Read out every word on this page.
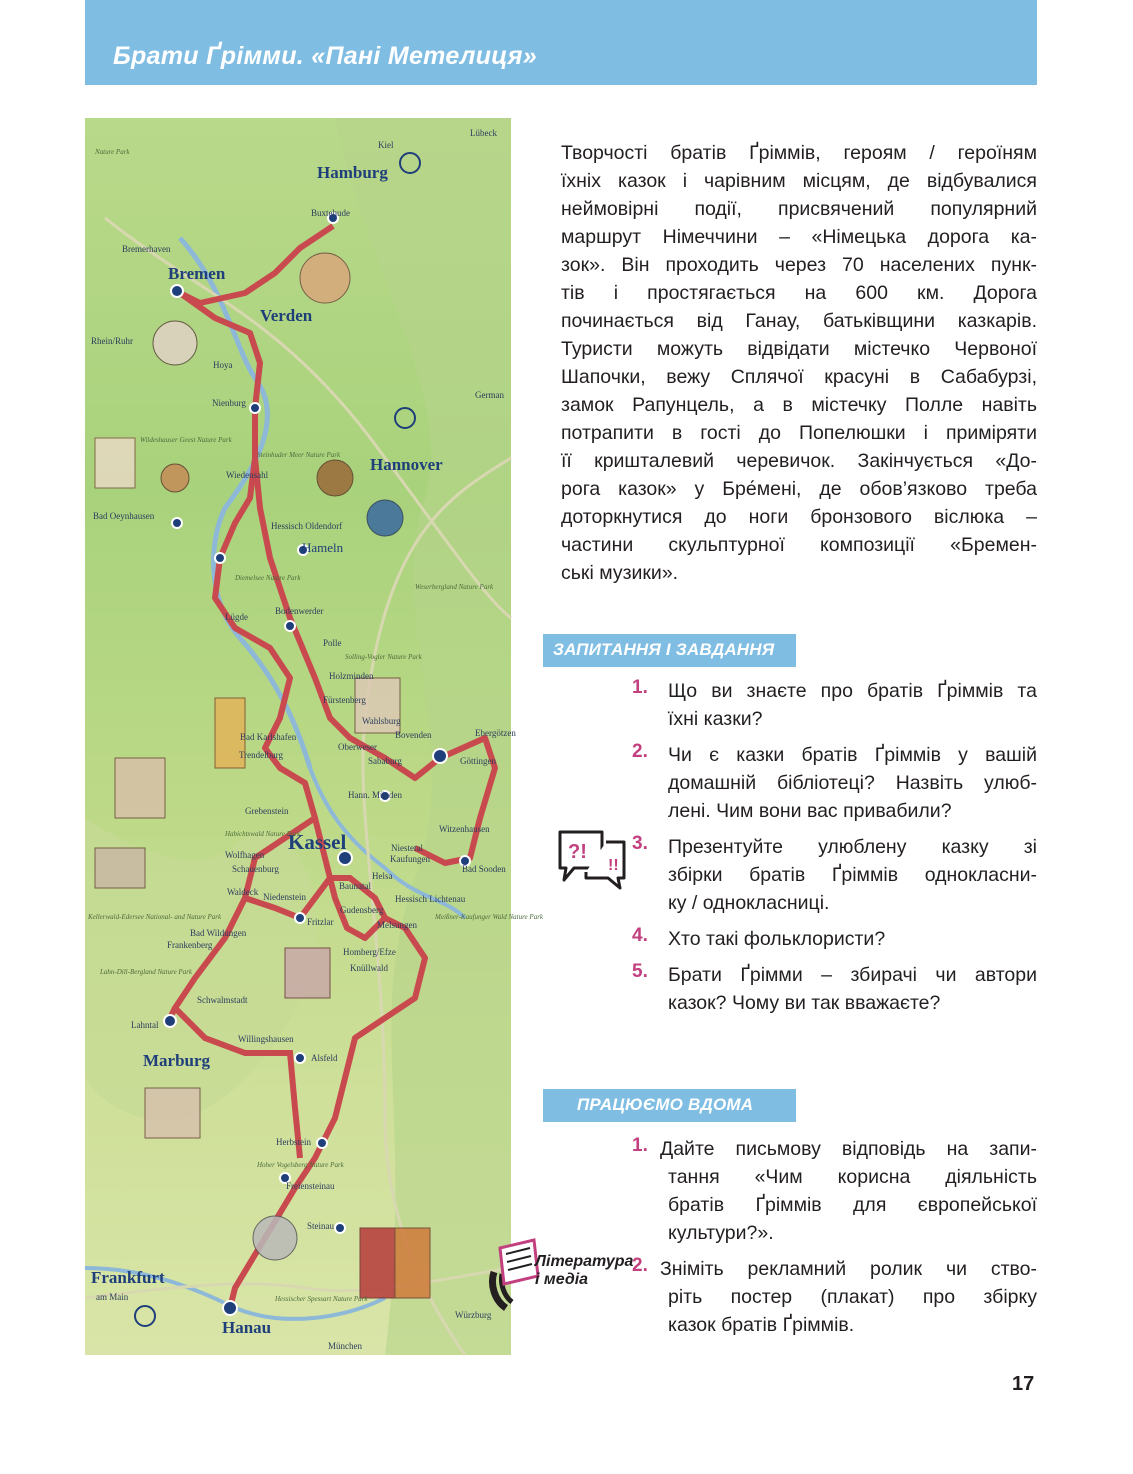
Брати Ґрімми. «Пані Метелиця»
Hamburg
Bremen
Verden
Hannover
Kassel
Marburg
Frankfurt
Hanau
Hameln
Buxtehude
Nienburg
Bodenwerder
Polle
Göttingen
Hoya
Wiedensahl
Bad Oeynhausen
Hessisch Oldendorf
Lügde
Holzminden
Fürstenberg
Wahlsburg
Bad Karlshafen	Bovenden	Ebergötzen
Trendelburg
Oberweser
Sababurg
Grebenstein
Hann. Münden
Witzenhausen
Wolfhagen
Schauenburg
Niestetal
Kaufungen
Bad Sooden
Helsa
Waldeck Niedenstein
Baunatal
Hessisch Lichtenau
Gudensberg
Fritzlar	Melsungen
Bad Wildungen
Frankenberg
Homberg/Efze
Knüllwald
Schwalmstadt
Lahntal
Willingshausen
Alsfeld
Herbstein
Freiensteinau
Steinau
am Main
Kiel
Lübeck
München
Würzburg
Rhein/Ruhr
Bremerhaven
German
Nature Park
Weserbergland Nature Park
Solling-Vogler Nature Park
Habichtswald Nature Park
Kellerwald-Edersee National- and Nature Park
Lahn-Dill-Bergland Nature Park
Hoher Vogelsberg Nature Park
Hessischer Spessart Nature Park
Steinhuder Meer Nature Park
Diemelsee Nature Park
Meißner-Kaufunger Wald Nature Park
Wildeshauser Geest Nature Park
Творчості братів Ґріммів, героям / героїням
їхніх казок і чарівним місцям, де відбувалися
неймовірні події, присвячений популярний
маршрут Німеччини – «Німецька дорога ка-
зок». Він проходить через 70 населених пунк-
тів і простягається на 600 км. Дорога
починається від Ганау, батьківщини казкарів.
Туристи можуть відвідати містечко Червоної
Шапочки, вежу Сплячої красуні в Сабабурзі,
замок Рапунцель, а в містечку Полле навіть
потрапити в гості до Попелюшки і приміряти
її кришталевий черевичок. Закінчується «До-
рога казок» у Бре́мені, де обов’язково треба
доторкнутися до ноги бронзового віслюка –
частини скульптурної композиції «Бремен-
ські музики».
ЗАПИТАННЯ І ЗАВДАННЯ
?!
!!
1. Що ви знаєте про братів Ґріммів та
їхні казки?
2. Чи є казки братів Ґріммів у вашій
домашній бібліотеці? Назвіть улюб-
лені. Чим вони вас привабили?
3. Презентуйте улюблену казку зі
збірки братів Ґріммів однокласни-
ку / однокласниці.
4. Хто такі фольклористи?
5. Брати Ґрімми – збирачі чи автори
казок? Чому ви так вважаєте?
ПРАЦЮЄМО ВДОМА
1. Дайте письмову відповідь на запи-
тання «Чим корисна діяльність
братів Ґріммів для європейської
культури?».
2. Зніміть рекламний ролик чи ство-
ріть постер (плакат) про збірку
казок братів Ґріммів.
Література
і медіа
17
